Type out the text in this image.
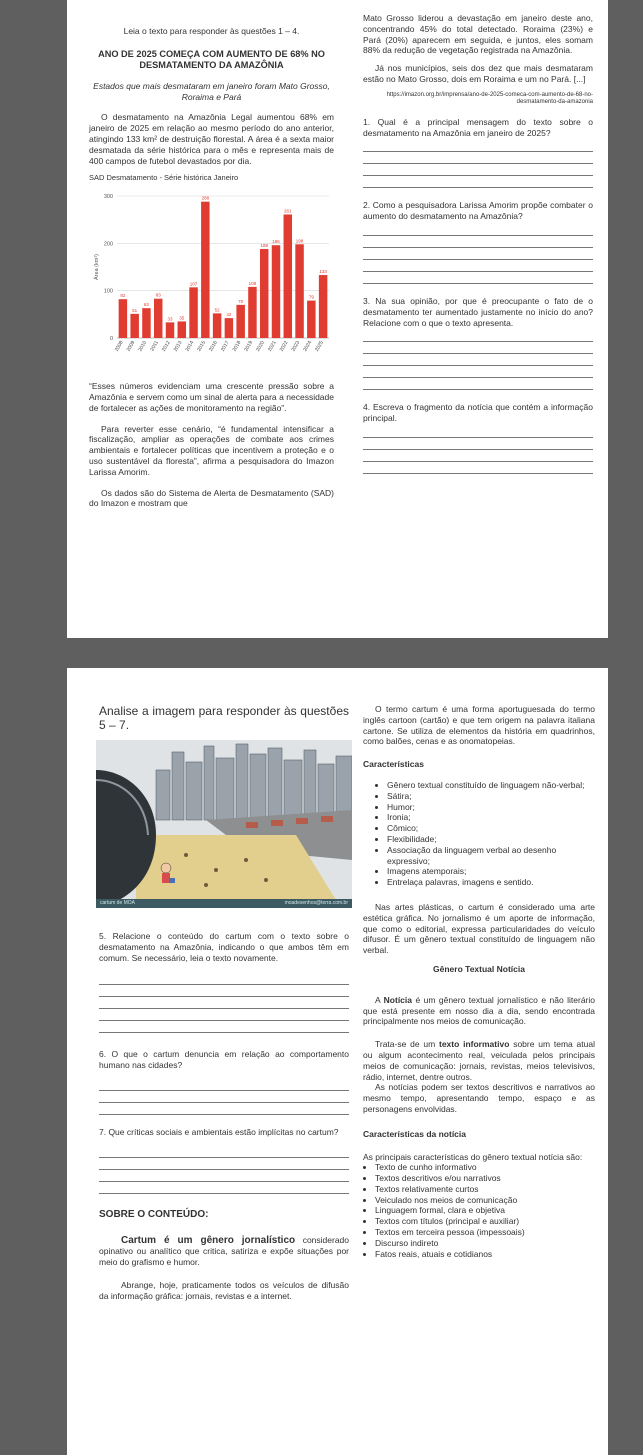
Leia o texto para responder às questões 1 – 4.

ANO DE 2025 COMEÇA COM AUMENTO DE 68% NO DESMATAMENTO DA AMAZÔNIA

Estados que mais desmataram em janeiro foram Mato Grosso, Roraima e Pará

O desmatamento na Amazônia Legal aumentou 68% em janeiro de 2025 em relação ao mesmo período do ano anterior, atingindo 133 km² de destruição florestal. A área é a sexta maior desmatada da série histórica para o mês e representa mais de 400 campos de futebol devastados por dia.

SAD Desmatamento - Série histórica Janeiro
0
100
200
300
Área (km²)
82
2008
51
2009
63
2010
83
2011
33
2012
35
2013
107
2014
288
2015
52
2016
42
2017
70
2018
108
2019
188
2020
196
2021
261
2022
198
2023
79
2024
133
2025

“Esses números evidenciam uma crescente pressão sobre a Amazônia e servem como um sinal de alerta para a necessidade de fortalecer as ações de monitoramento na região”.

Para reverter esse cenário, “é fundamental intensificar a fiscalização, ampliar as operações de combate aos crimes ambientais e fortalecer políticas que incentivem a proteção e o uso sustentável da floresta”, afirma a pesquisadora do Imazon Larissa Amorim.

Os dados são do Sistema de Alerta de Desmatamento (SAD) do Imazon e mostram que

Mato Grosso liderou a devastação em janeiro deste ano, concentrando 45% do total detectado. Roraima (23%) e Pará (20%) aparecem em seguida, e juntos, eles somam 88% da redução de vegetação registrada na Amazônia.

Já nos municípios, seis dos dez que mais desmataram estão no Mato Grosso, dois em Roraima e um no Pará. [...]

https://imazon.org.br/imprensa/ano-de-2025-comeca-com-aumento-de-68-no-desmatamento-da-amazonia

1. Qual é a principal mensagem do texto sobre o desmatamento na Amazônia em janeiro de 2025?

2. Como a pesquisadora Larissa Amorim propõe combater o aumento do desmatamento na Amazônia?

3. Na sua opinião, por que é preocupante o fato de o desmatamento ter aumentado justamente no início do ano? Relacione com o que o texto apresenta.

4. Escreva o fragmento da notícia que contém a informação principal.

Analise a imagem para responder às questões 5 – 7.
cartum de MOA	moadesenhos@terra.com.br

5. Relacione o conteúdo do cartum com o texto sobre o desmatamento na Amazônia, indicando o que ambos têm em comum. Se necessário, leia o texto novamente.

6. O que o cartum denuncia em relação ao comportamento humano nas cidades?

7. Que críticas sociais e ambientais estão implícitas no cartum?

SOBRE O CONTEÚDO:

Cartum é um gênero jornalístico considerado opinativo ou analítico que critica, satiriza e expõe situações por meio do grafismo e humor.

Abrange, hoje, praticamente todos os veículos de difusão da informação gráfica: jornais, revistas e a internet.

O termo cartum é uma forma aportuguesada do termo inglês cartoon (cartão) e que tem origem na palavra italiana cartone. Se utiliza de elementos da história em quadrinhos, como balões, cenas e as onomatopeias.

Características

• Gênero textual constituído de linguagem não-verbal;
• Sátira;
• Humor;
• Ironia;
• Cômico;
• Flexibilidade;
• Associação da linguagem verbal ao desenho expressivo;
• Imagens atemporais;
• Entrelaça palavras, imagens e sentido.

Nas artes plásticas, o cartum é considerado uma arte estética gráfica. No jornalismo é um aporte de informação, que como o editorial, expressa particularidades do veículo difusor. É um gênero textual constituído de linguagem não verbal.

Gênero Textual Notícia

A Notícia é um gênero textual jornalístico e não literário que está presente em nosso dia a dia, sendo encontrada principalmente nos meios de comunicação.

Trata-se de um texto informativo sobre um tema atual ou algum acontecimento real, veiculada pelos principais meios de comunicação: jornais, revistas, meios televisivos, rádio, internet, dentre outros.

As notícias podem ser textos descritivos e narrativos ao mesmo tempo, apresentando tempo, espaço e as personagens envolvidas.

Características da notícia

As principais características do gênero textual notícia são:

• Texto de cunho informativo
• Textos descritivos e/ou narrativos
• Textos relativamente curtos
• Veiculado nos meios de comunicação
• Linguagem formal, clara e objetiva
• Textos com títulos (principal e auxiliar)
• Textos em terceira pessoa (impessoais)
• Discurso indireto
• Fatos reais, atuais e cotidianos
